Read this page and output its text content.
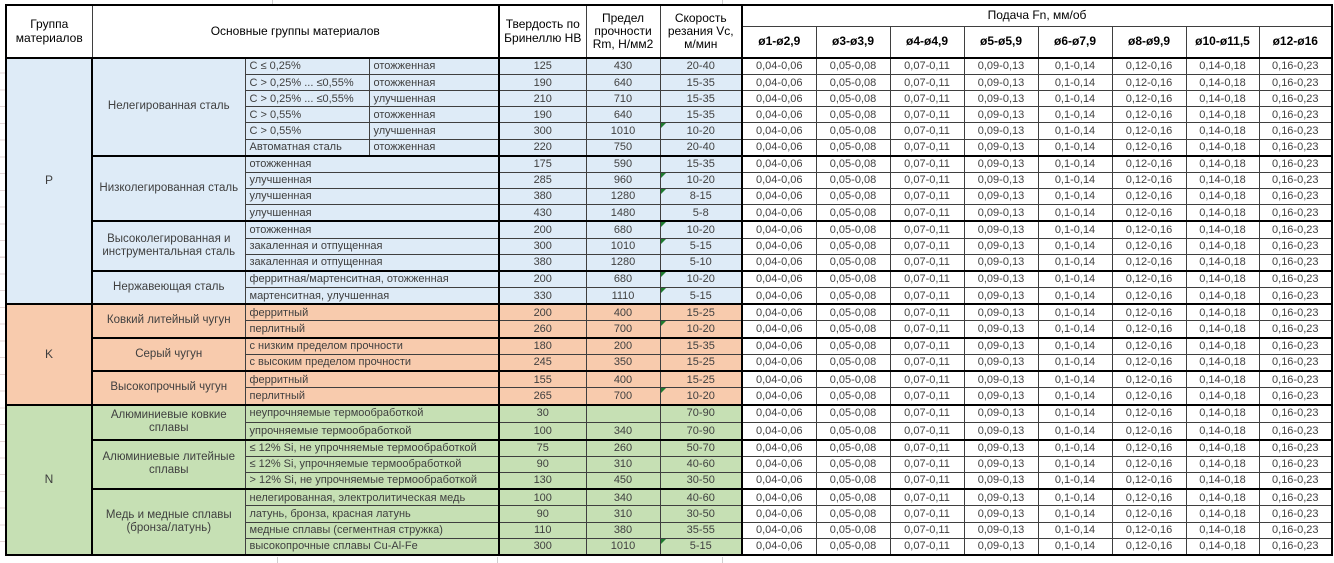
Группа материалов	Основные группы материалов			Твердость по Бринеллю HB	Предел прочности Rm, Н/мм2	Скорость резания Vc, м/мин	Подача Fn, мм/об							
							ø1-ø2,9	ø3-ø3,9	ø4-ø4,9	ø5-ø5,9	ø6-ø7,9	ø8-ø9,9	ø10-ø11,5	ø12-ø16
P	Нелегированная сталь	C ≤ 0,25%	отожженная	125	430	20-40	0,04-0,06	0,05-0,08	0,07-0,11	0,09-0,13	0,1-0,14	0,12-0,16	0,14-0,18	0,16-0,23
		C > 0,25% ... ≤0,55%	отожженная	190	640	15-35	0,04-0,06	0,05-0,08	0,07-0,11	0,09-0,13	0,1-0,14	0,12-0,16	0,14-0,18	0,16-0,23
		C > 0,25% ... ≤0,55%	улучшенная	210	710	15-35	0,04-0,06	0,05-0,08	0,07-0,11	0,09-0,13	0,1-0,14	0,12-0,16	0,14-0,18	0,16-0,23
		C > 0,55%	отожженная	190	640	15-35	0,04-0,06	0,05-0,08	0,07-0,11	0,09-0,13	0,1-0,14	0,12-0,16	0,14-0,18	0,16-0,23
		C > 0,55%	улучшенная	300	1010	10-20	0,04-0,06	0,05-0,08	0,07-0,11	0,09-0,13	0,1-0,14	0,12-0,16	0,14-0,18	0,16-0,23
		Автоматная сталь	отожженная	220	750	20-40	0,04-0,06	0,05-0,08	0,07-0,11	0,09-0,13	0,1-0,14	0,12-0,16	0,14-0,18	0,16-0,23
	Низколегированная сталь	отожженная		175	590	15-35	0,04-0,06	0,05-0,08	0,07-0,11	0,09-0,13	0,1-0,14	0,12-0,16	0,14-0,18	0,16-0,23
		улучшенная		285	960	10-20	0,04-0,06	0,05-0,08	0,07-0,11	0,09-0,13	0,1-0,14	0,12-0,16	0,14-0,18	0,16-0,23
		улучшенная		380	1280	8-15	0,04-0,06	0,05-0,08	0,07-0,11	0,09-0,13	0,1-0,14	0,12-0,16	0,14-0,18	0,16-0,23
		улучшенная		430	1480	5-8	0,04-0,06	0,05-0,08	0,07-0,11	0,09-0,13	0,1-0,14	0,12-0,16	0,14-0,18	0,16-0,23
	Высоколегированная и инструментальная сталь	отожженная		200	680	10-20	0,04-0,06	0,05-0,08	0,07-0,11	0,09-0,13	0,1-0,14	0,12-0,16	0,14-0,18	0,16-0,23
		закаленная и отпущенная		300	1010	5-15	0,04-0,06	0,05-0,08	0,07-0,11	0,09-0,13	0,1-0,14	0,12-0,16	0,14-0,18	0,16-0,23
		закаленная и отпущенная		380	1280	5-10	0,04-0,06	0,05-0,08	0,07-0,11	0,09-0,13	0,1-0,14	0,12-0,16	0,14-0,18	0,16-0,23
	Нержавеющая сталь	ферритная/мартенситная, отожженная		200	680	10-20	0,04-0,06	0,05-0,08	0,07-0,11	0,09-0,13	0,1-0,14	0,12-0,16	0,14-0,18	0,16-0,23
		мартенситная, улучшенная		330	1110	5-15	0,04-0,06	0,05-0,08	0,07-0,11	0,09-0,13	0,1-0,14	0,12-0,16	0,14-0,18	0,16-0,23
K	Ковкий литейный чугун	ферритный		200	400	15-25	0,04-0,06	0,05-0,08	0,07-0,11	0,09-0,13	0,1-0,14	0,12-0,16	0,14-0,18	0,16-0,23
		перлитный		260	700	10-20	0,04-0,06	0,05-0,08	0,07-0,11	0,09-0,13	0,1-0,14	0,12-0,16	0,14-0,18	0,16-0,23
	Серый чугун	с низким пределом прочности		180	200	15-35	0,04-0,06	0,05-0,08	0,07-0,11	0,09-0,13	0,1-0,14	0,12-0,16	0,14-0,18	0,16-0,23
		с высоким пределом прочности		245	350	15-25	0,04-0,06	0,05-0,08	0,07-0,11	0,09-0,13	0,1-0,14	0,12-0,16	0,14-0,18	0,16-0,23
	Высокопрочный чугун	ферритный		155	400	15-25	0,04-0,06	0,05-0,08	0,07-0,11	0,09-0,13	0,1-0,14	0,12-0,16	0,14-0,18	0,16-0,23
		перлитный		265	700	10-20	0,04-0,06	0,05-0,08	0,07-0,11	0,09-0,13	0,1-0,14	0,12-0,16	0,14-0,18	0,16-0,23
N	Алюминиевые ковкие сплавы	неупрочняемые термообработкой		30		70-90	0,04-0,06	0,05-0,08	0,07-0,11	0,09-0,13	0,1-0,14	0,12-0,16	0,14-0,18	0,16-0,23
		упрочняемые термообработкой		100	340	70-90	0,04-0,06	0,05-0,08	0,07-0,11	0,09-0,13	0,1-0,14	0,12-0,16	0,14-0,18	0,16-0,23
	Алюминиевые литейные сплавы	≤ 12% Si, не упрочняемые термообработкой		75	260	50-70	0,04-0,06	0,05-0,08	0,07-0,11	0,09-0,13	0,1-0,14	0,12-0,16	0,14-0,18	0,16-0,23
		≤ 12% Si, упрочняемые термообработкой		90	310	40-60	0,04-0,06	0,05-0,08	0,07-0,11	0,09-0,13	0,1-0,14	0,12-0,16	0,14-0,18	0,16-0,23
		> 12% Si, не упрочняемые термообработкой		130	450	30-50	0,04-0,06	0,05-0,08	0,07-0,11	0,09-0,13	0,1-0,14	0,12-0,16	0,14-0,18	0,16-0,23
	Медь и медные сплавы (бронза/латунь)	нелегированная, электролитическая медь		100	340	40-60	0,04-0,06	0,05-0,08	0,07-0,11	0,09-0,13	0,1-0,14	0,12-0,16	0,14-0,18	0,16-0,23
		латунь, бронза, красная латунь		90	310	30-50	0,04-0,06	0,05-0,08	0,07-0,11	0,09-0,13	0,1-0,14	0,12-0,16	0,14-0,18	0,16-0,23
		медные сплавы (сегментная стружка)		110	380	35-55	0,04-0,06	0,05-0,08	0,07-0,11	0,09-0,13	0,1-0,14	0,12-0,16	0,14-0,18	0,16-0,23
		высокопрочные сплавы Cu-Al-Fe		300	1010	5-15	0,04-0,06	0,05-0,08	0,07-0,11	0,09-0,13	0,1-0,14	0,12-0,16	0,14-0,18	0,16-0,23
